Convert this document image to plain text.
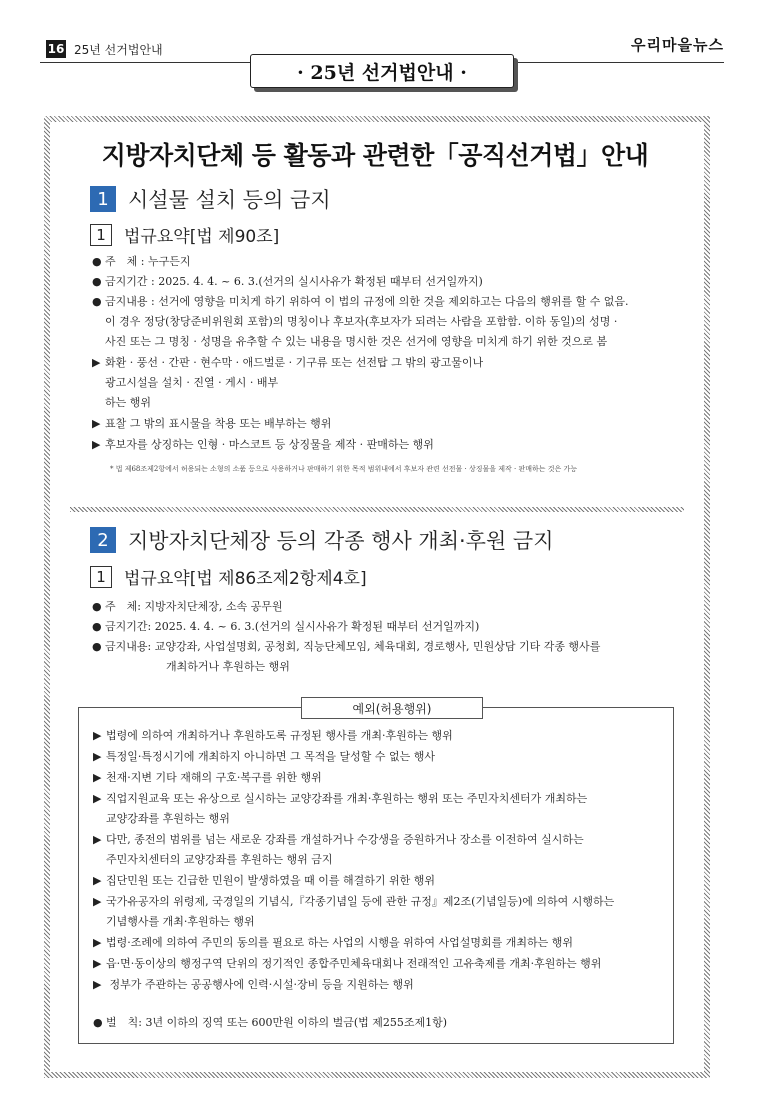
16 25년 선거법안내	우리마을뉴스
· 25년 선거법안내 ·
지방자치단체 등 활동과 관련한「공직선거법」안내
1 시설물 설치 등의 금지
1	법규요약[법 제90조]
● 주　체 : 누구든지
● 금지기간 : 2025. 4. 4. ~ 6. 3.(선거의 실시사유가 확정된 때부터 선거일까지)
● 금지내용 : 선거에 영향을 미치게 하기 위하여 이 법의 규정에 의한 것을 제외하고는 다음의 행위를 할 수 없음.
이 경우 정당(창당준비위원회 포함)의 명칭이나 후보자(후보자가 되려는 사람을 포함함. 이하 동일)의 성명 ·
사진 또는 그 명칭 · 성명을 유추할 수 있는 내용을 명시한 것은 선거에 영향을 미치게 하기 위한 것으로 봄
▶ 화환 · 풍선 · 간판 · 현수막 · 애드벌룬 · 기구류 또는 선전탑 그 밖의 광고물이나
광고시설을 설치 · 진열 · 게시 · 배부
하는 행위
▶ 표찰 그 밖의 표시물을 착용 또는 배부하는 행위
▶ 후보자를 상징하는 인형 · 마스코트 등 상징물을 제작 · 판매하는 행위
* 법 제68조제2항에서 허용되는 소형의 소품 등으로 사용하거나 판매하기 위한 목적 범위내에서 후보자 관련 선전물 · 상징물을 제작 · 판매하는 것은 가능
2 지방자치단체장 등의 각종 행사 개최·후원 금지
1	법규요약[법 제86조제2항제4호]
● 주　체: 지방자치단체장, 소속 공무원
● 금지기간: 2025. 4. 4. ~ 6. 3.(선거의 실시사유가 확정된 때부터 선거일까지)
● 금지내용: 교양강좌, 사업설명회, 공청회, 직능단체모임, 체육대회, 경로행사, 민원상담 기타 각종 행사를
개최하거나 후원하는 행위
예외(허용행위)
▶ 법령에 의하여 개최하거나 후원하도록 규정된 행사를 개최·후원하는 행위
▶ 특정일·특정시기에 개최하지 아니하면 그 목적을 달성할 수 없는 행사
▶ 천재·지변 기타 재해의 구호·복구를 위한 행위
▶ 직업지원교육 또는 유상으로 실시하는 교양강좌를 개최·후원하는 행위 또는 주민자치센터가 개최하는
교양강좌를 후원하는 행위
▶ 다만, 종전의 범위를 넘는 새로운 강좌를 개설하거나 수강생을 증원하거나 장소를 이전하여 실시하는
주민자치센터의 교양강좌를 후원하는 행위 금지
▶ 집단민원 또는 긴급한 민원이 발생하였을 때 이를 해결하기 위한 행위
▶ 국가유공자의 위령제, 국경일의 기념식,『각종기념일 등에 관한 규정』제2조(기념일등)에 의하여 시행하는
기념행사를 개최·후원하는 행위
▶ 법령·조례에 의하여 주민의 동의를 필요로 하는 사업의 시행을 위하여 사업설명회를 개최하는 행위
▶ 읍·면·동이상의 행정구역 단위의 정기적인 종합주민체육대회나 전래적인 고유축제를 개최·후원하는 행위
▶ 정부가 주관하는 공공행사에 인력·시설·장비 등을 지원하는 행위
● 벌　칙: 3년 이하의 징역 또는 600만원 이하의 벌금(법 제255조제1항)
